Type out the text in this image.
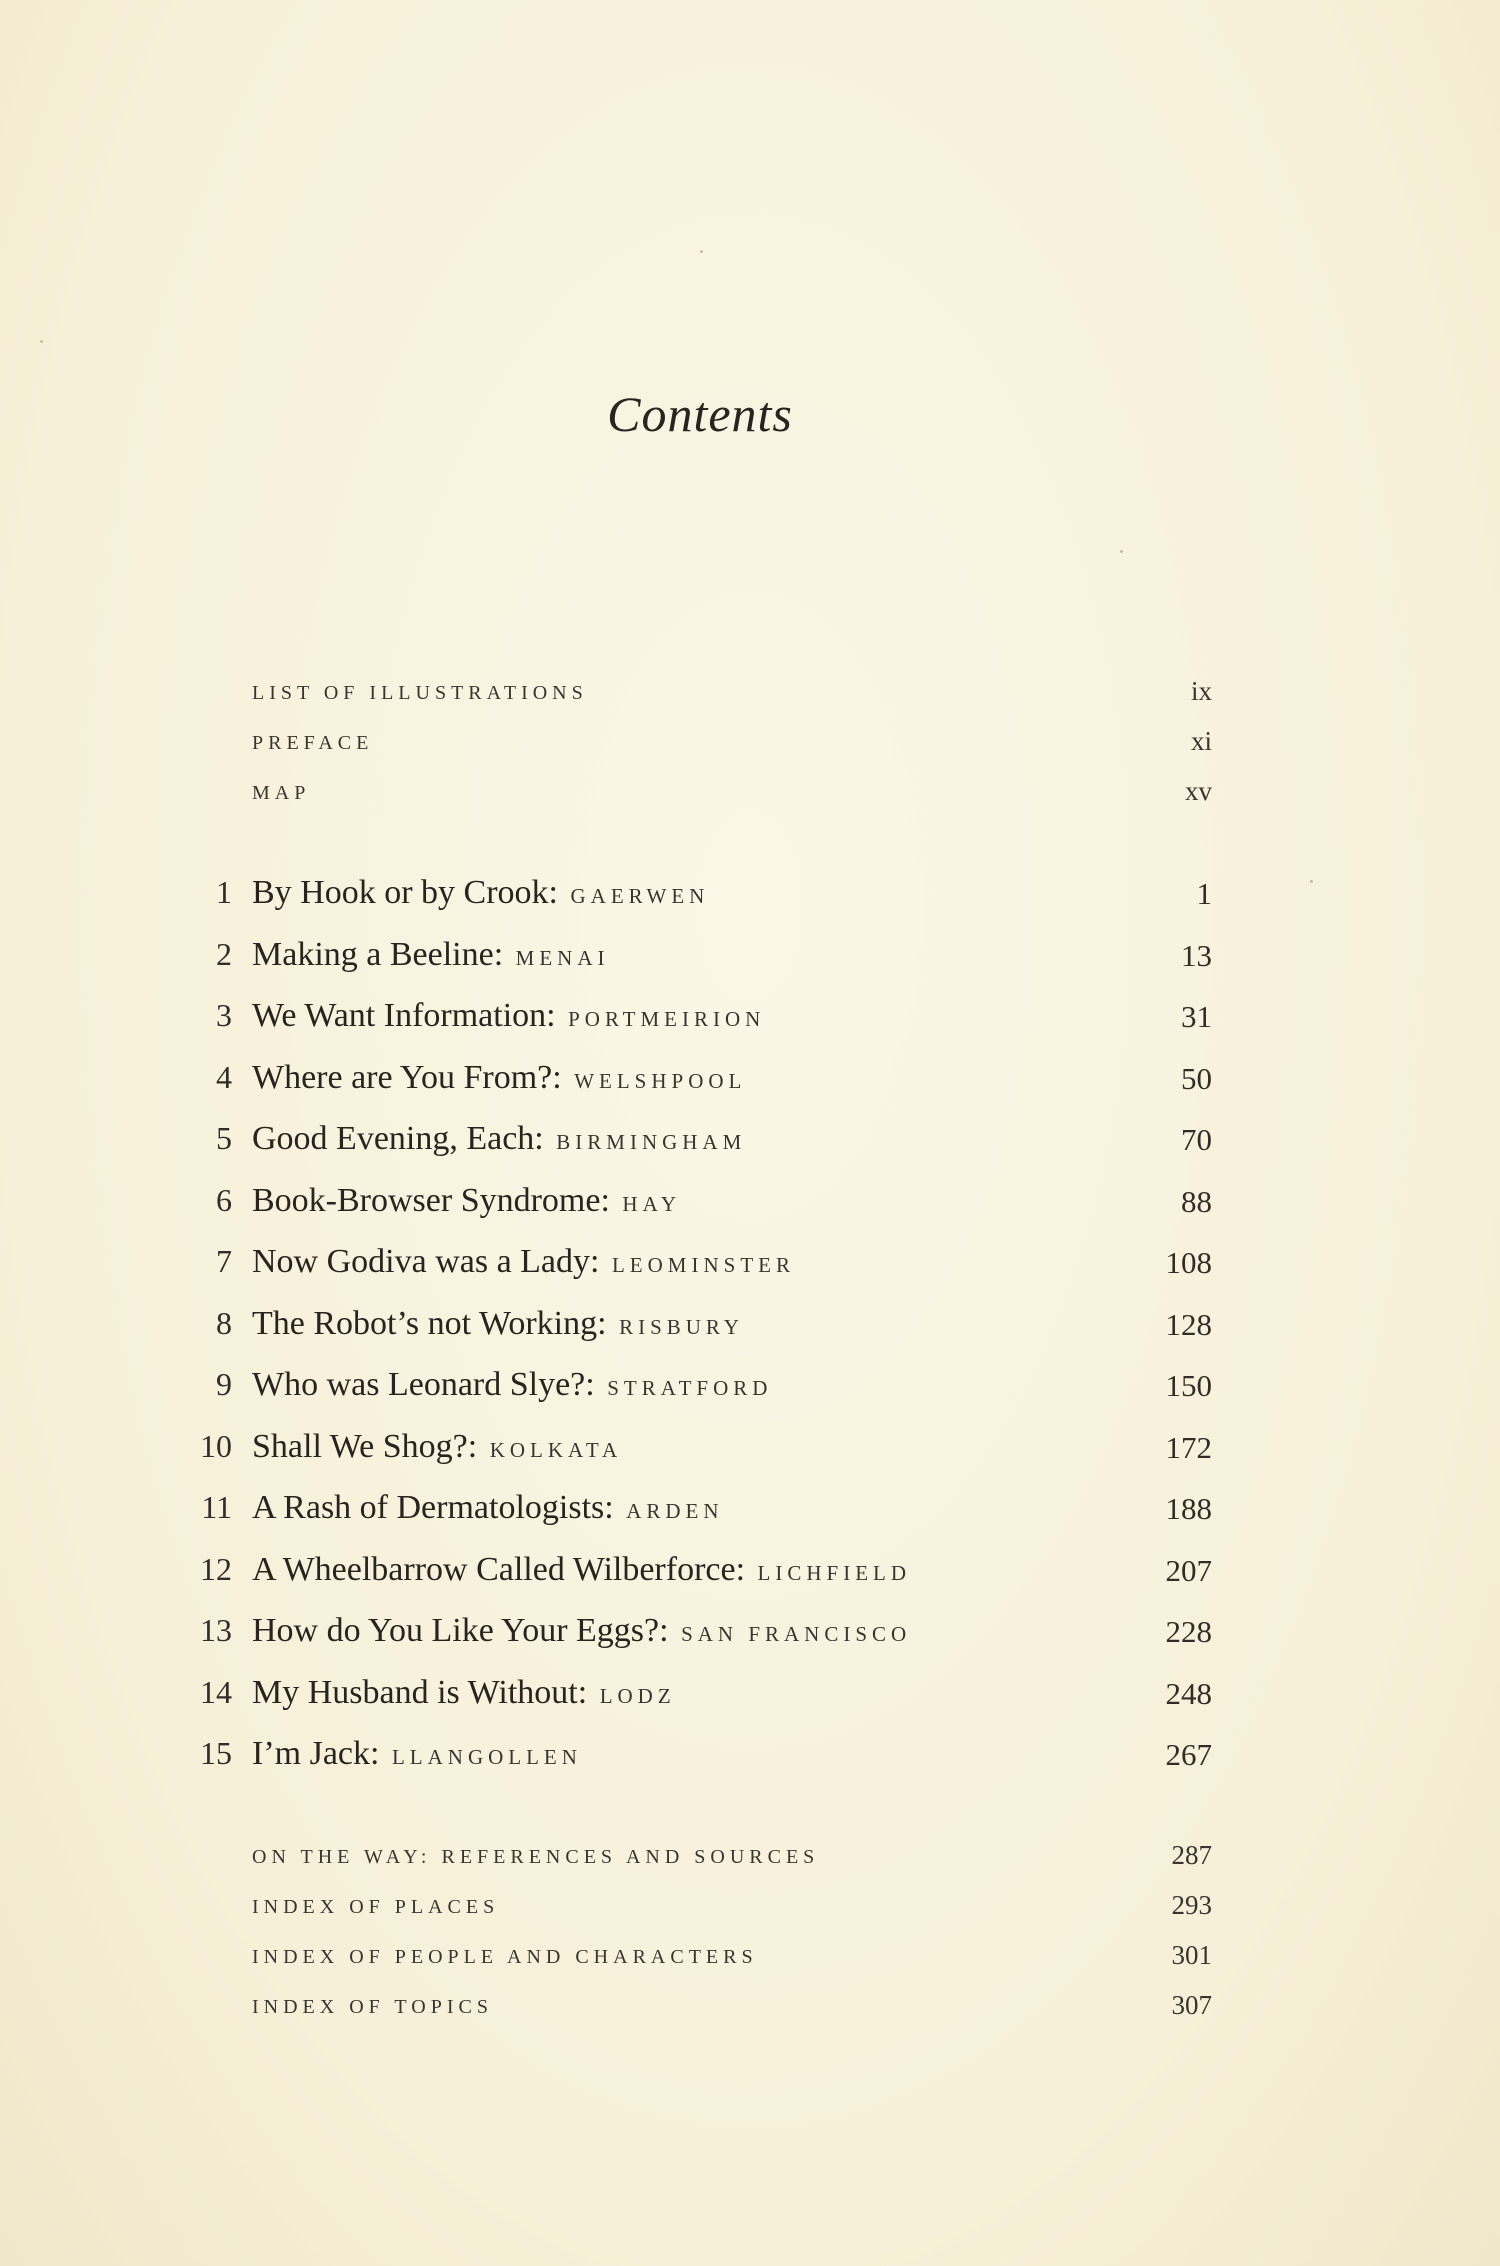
Contents
LIST OF ILLUSTRATIONS	ix
PREFACE	xi
MAP	xv
1 By Hook or by Crook: GAERWEN	1
2 Making a Beeline: MENAI	13
3 We Want Information: PORTMEIRION	31
4 Where are You From?: WELSHPOOL	50
5 Good Evening, Each: BIRMINGHAM	70
6 Book-Browser Syndrome: HAY	88
7 Now Godiva was a Lady: LEOMINSTER	108
8 The Robot’s not Working: RISBURY	128
9 Who was Leonard Slye?: STRATFORD	150
10 Shall We Shog?: KOLKATA	172
11 A Rash of Dermatologists: ARDEN	188
12 A Wheelbarrow Called Wilberforce: LICHFIELD	207
13 How do You Like Your Eggs?: SAN FRANCISCO	228
14 My Husband is Without: LODZ	248
15 I’m Jack: LLANGOLLEN	267
ON THE WAY: REFERENCES AND SOURCES	287
INDEX OF PLACES	293
INDEX OF PEOPLE AND CHARACTERS	301
INDEX OF TOPICS	307
